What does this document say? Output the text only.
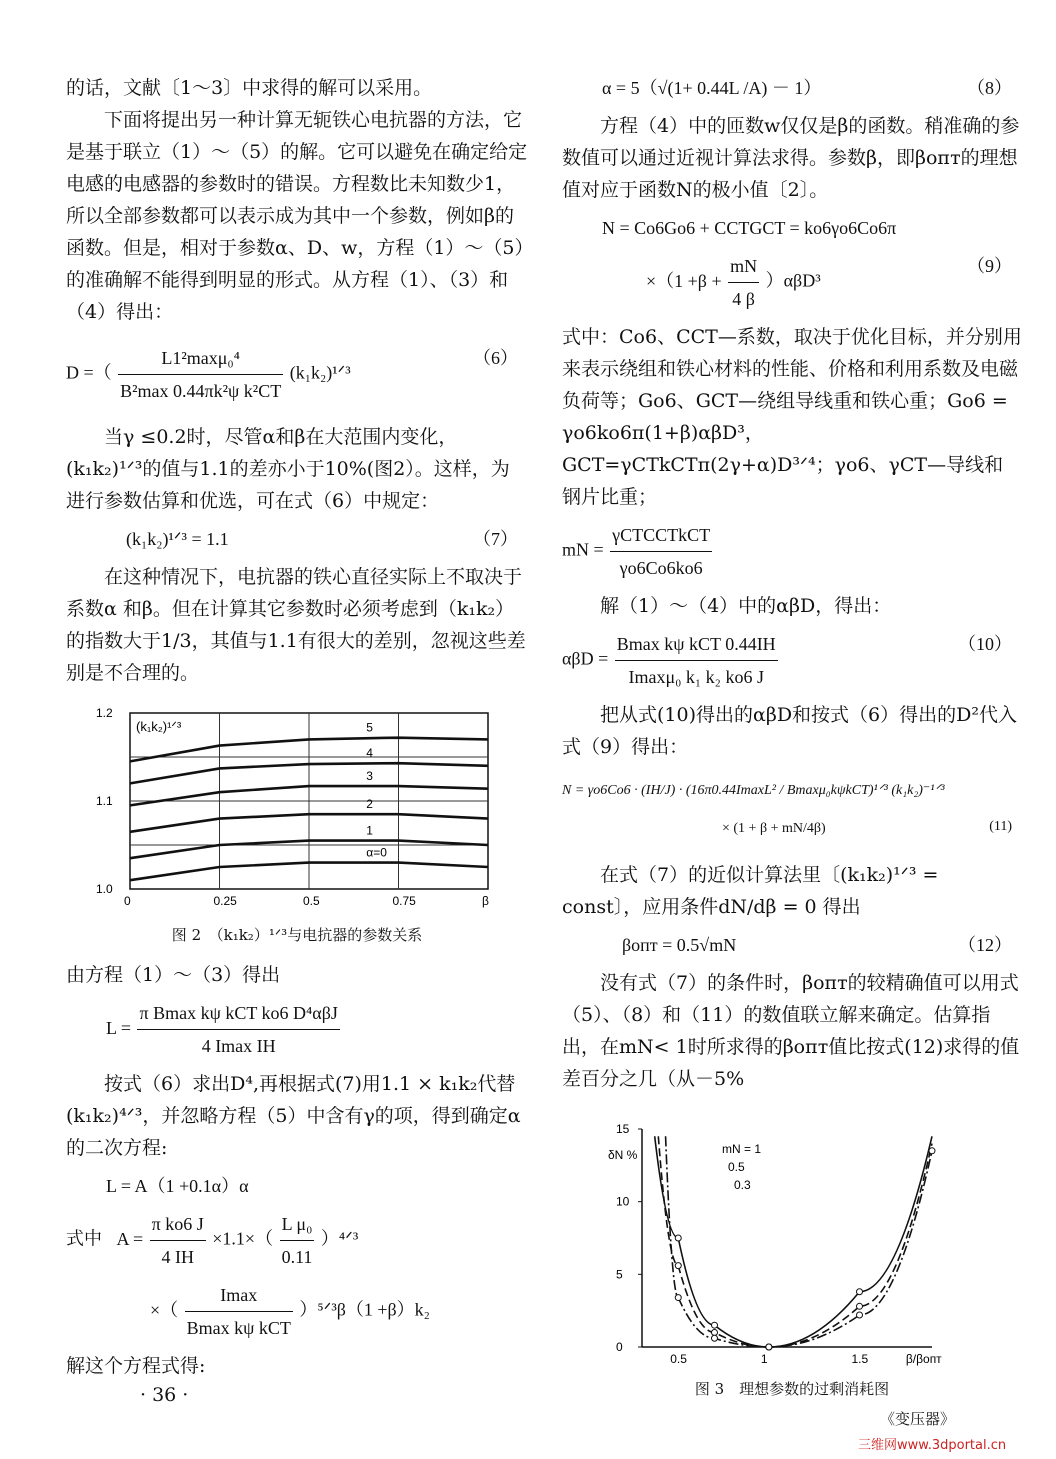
的话，文献〔1～3〕中求得的解可以采用。

下面将提出另一种计算无轭铁心电抗器的方法，它是基于联立（1）～（5）的解。它可以避免在确定给定电感的电感器的参数时的错误。方程数比未知数少1，所以全部参数都可以表示成为其中一个参数，例如β的函数。但是，相对于参数α、D、w，方程（1）～（5）的准确解不能得到明显的形式。从方程（1）、（3）和（4）得出：

D =（ $\frac{\text{L1²maxμ₀⁴}}{\text{B²max 0.44πk²ψ k²CT}}$ (k₁k₂)¹ᐟ³
（6）

当γ ≤0.2时，尽管α和β在大范围内变化，(k₁k₂)¹ᐟ³的值与1.1的差亦小于10%(图2）。这样，为进行参数估算和优选，可在式（6）中规定：

(k₁k₂)¹ᐟ³ = 1.1	（7）

在这种情况下，电抗器的铁心直径实际上不取决于系数α 和β。但在计算其它参数时必须考虑到（k₁k₂）的指数大于1/3，其值与1.1有很大的差别，忽视这些差别是不合理的。

α=0
1
2
3
4
5
0	0.25	0.5	0.75	β
1.2
1.1
1.0
(k₁k₂)¹ᐟ³
图 2　（k₁k₂）¹ᐟ³与电抗器的参数关系

由方程（1）～（3）得出

$L = \frac{\text{π Bmax kψ kCT kо6 D⁴αβJ}}{\text{4 Imax IH}}$

按式（6）求出D⁴,再根据式(7)用1.1 × k₁k₂代替(k₁k₂)⁴ᐟ³，并忽略方程（5）中含有γ的项，得到确定α的二次方程:

L = A（1 +0.1α）α
式中 $A = \frac{\text{π kо6 J}}{4 IH} \times 1.1\times( \frac{\text{L μ₀}}{0.11}$ ）⁴ᐟ³
×（ $\frac{Imax}{\text{Bmax kψ kCT}}$ ）⁵ᐟ³β（1 +β）k₂

解这个方程式得:

α = 5（√(1+ 0.44L /A) － 1）	（8）

方程（4）中的匝数w仅仅是β的函数。稍准确的参数值可以通过近视计算法求得。参数β，即βопт的理想值对应于函数N的极小值〔2〕。

N = Cо6Gо6 + CCTGCT = kо6γо6Cо6π
$\times(1 +\beta + \frac{mN}{4 \beta} )\alpha\beta D^3$
（9）

式中：Cо6、CCT—系数，取决于优化目标，并分别用来表示绕组和铁心材料的性能、价格和利用系数及电磁负荷等；Gо6、GCT—绕组导线重和铁心重；Gо6 = γо6kо6π(1+β)αβD³，GCT=γCTkCTπ(2γ+α)D³ᐟ⁴；γо6、γCT—导线和钢片比重；

mN = $\frac{\text{γCTCCTkCT}}{\gamma о6Cо6kо6}$

解（1）～（4）中的αβD，得出：

$\alpha\beta D = \frac{\text{Bmax kψ kCT 0.44IH}}{\text{Imaxμ₀ k₁ k₂ kо6 J}}$	（10）

把从式(10)得出的αβD和按式（6）得出的D²代入式（9）得出：

N = γо6Cо6 · (IH/J) · (16π0.44ImaxL² / Bmaxμ₀kψkCT)¹ᐟ³ (k₁k₂)⁻¹ᐟ³
× (1 + β + mN/4β)	(11)

在式（7）的近似计算法里〔(k₁k₂)¹ᐟ³ = const〕，应用条件dN/dβ = 0 得出

βопт = 0.5√mN	（12）

没有式（7）的条件时，βопт的较精确值可以用式（5）、（8）和（11）的数值联立解来确定。估算指出，在mN< 1时所求得的βопт值比按式(12)求得的值差百分之几（从－5%

0.5	1	1.5	β/βопт
15
10
5
0
mN = 1
0.5
0.3
δN %
图 3　理想参数的过剩消耗图
· 36 ·
《变压器》
三维网www.3dportal.cn
